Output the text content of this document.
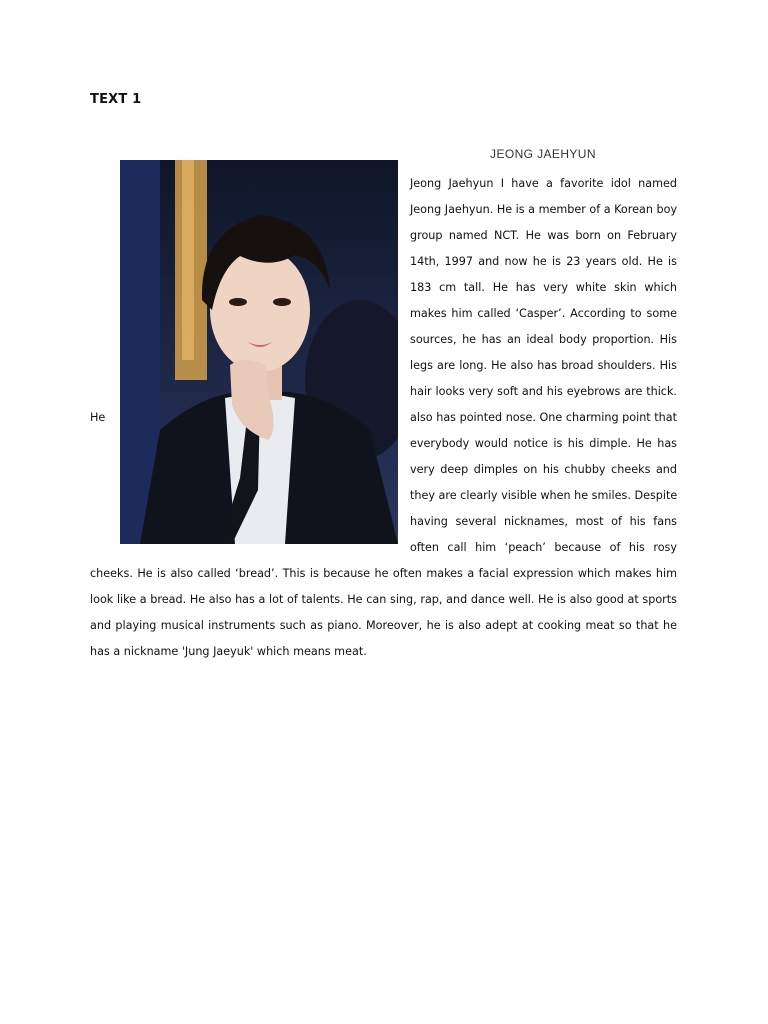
TEXT 1
JEONG JAEHYUN
He
Jeong Jaehyun I have a favorite idol named
Jeong Jaehyun. He is a member of a Korean boy
group named NCT. He was born on February
14th, 1997 and now he is 23 years old. He is
183 cm tall. He has very white skin which
makes him called ‘Casper’. According to some
sources, he has an ideal body proportion. His
legs are long. He also has broad shoulders. His
hair looks very soft and his eyebrows are thick.
also has pointed nose. One charming point that
everybody would notice is his dimple. He has
very deep dimples on his chubby cheeks and
they are clearly visible when he smiles. Despite
having several nicknames, most of his fans
often call him ‘peach’ because of his rosy
cheeks. He is also called ‘bread’. This is because he often makes a facial expression which makes him
look like a bread. He also has a lot of talents. He can sing, rap, and dance well. He is also good at sports
and playing musical instruments such as piano. Moreover, he is also adept at cooking meat so that he
has a nickname 'Jung Jaeyuk' which means meat.
